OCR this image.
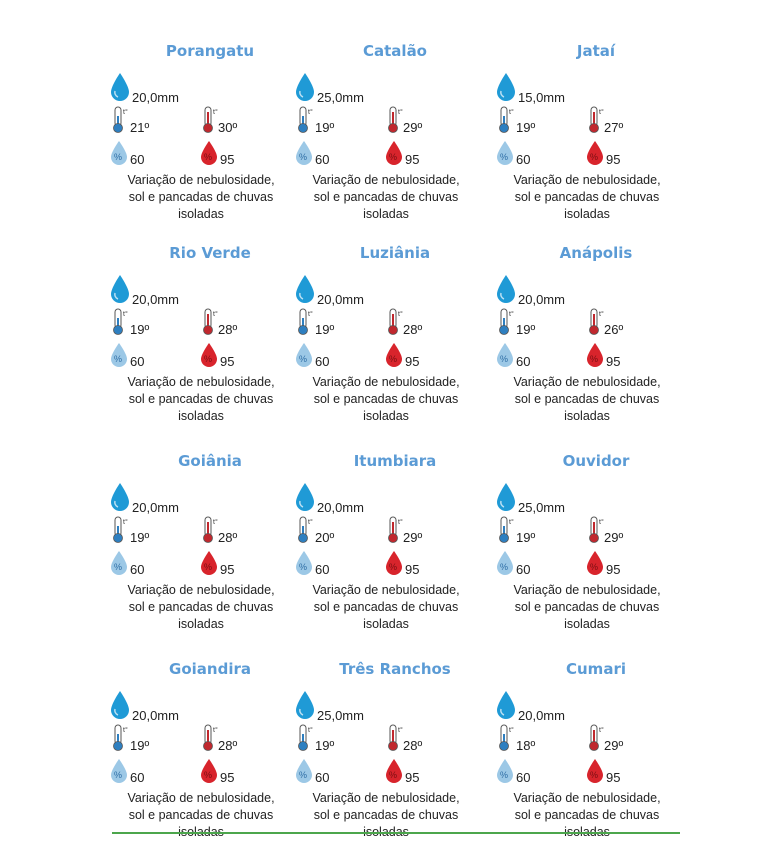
Porangatu
20,0mm
t°
21º
t°
30º
% 60	% 95
Variação de nebulosidade,
sol e pancadas de chuvas
isoladas
Catalão
25,0mm
t°
19º
t°
29º
% 60	% 95
Variação de nebulosidade,
sol e pancadas de chuvas
isoladas
Jataí
15,0mm
t°
19º
t°
27º
% 60	% 95
Variação de nebulosidade,
sol e pancadas de chuvas
isoladas
Rio Verde
20,0mm
t°
19º
t°
28º
% 60	% 95
Variação de nebulosidade,
sol e pancadas de chuvas
isoladas
Luziânia
20,0mm
t°
19º
t°
28º
% 60	% 95
Variação de nebulosidade,
sol e pancadas de chuvas
isoladas
Anápolis
20,0mm
t°
19º
t°
26º
% 60	% 95
Variação de nebulosidade,
sol e pancadas de chuvas
isoladas
Goiânia
20,0mm
t°
19º
t°
28º
% 60	% 95
Variação de nebulosidade,
sol e pancadas de chuvas
isoladas
Itumbiara
20,0mm
t°
20º
t°
29º
% 60	% 95
Variação de nebulosidade,
sol e pancadas de chuvas
isoladas
Ouvidor
25,0mm
t°
19º
t°
29º
% 60	% 95
Variação de nebulosidade,
sol e pancadas de chuvas
isoladas
Goiandira
20,0mm
t°
19º
t°
28º
% 60	% 95
Variação de nebulosidade,
sol e pancadas de chuvas
Três Ranchos
25,0mm
t°
19º
t°
28º
% 60	% 95
Variação de nebulosidade,
sol e pancadas de chuvas
Cumari
20,0mm
t°
18º
t°
29º
% 60	% 95
Variação de nebulosidade,
sol e pancadas de chuvas
